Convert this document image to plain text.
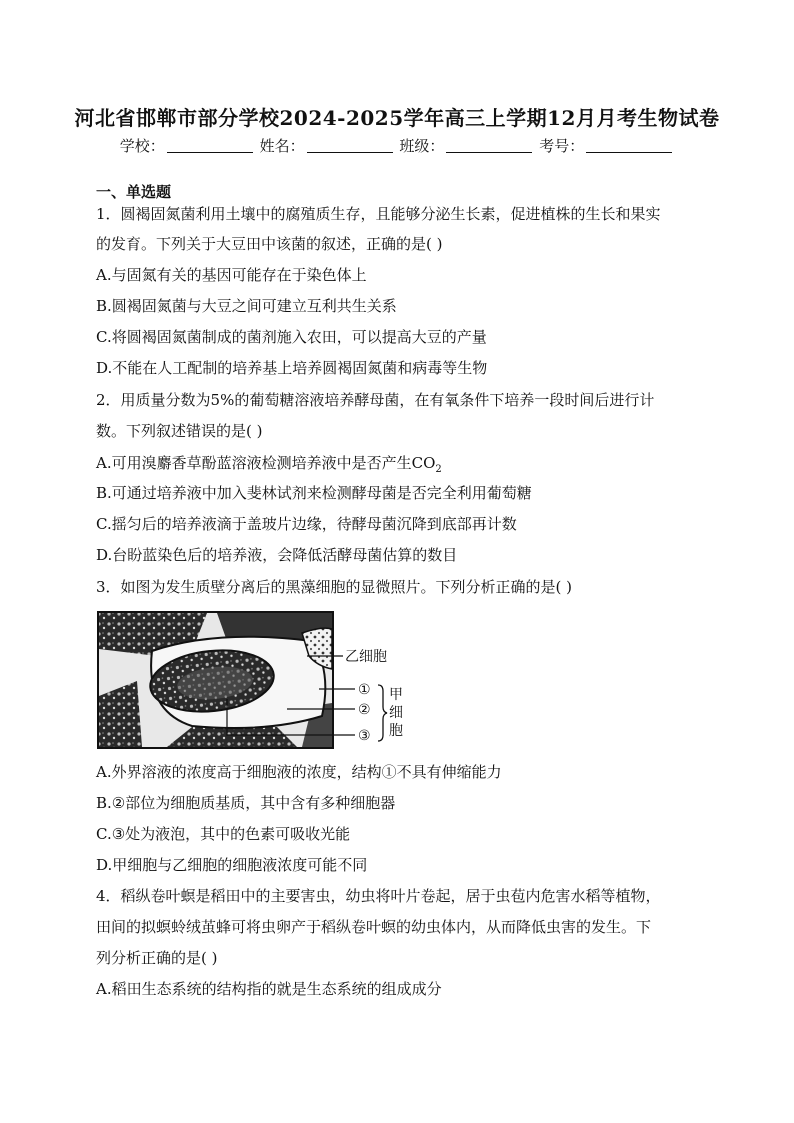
河北省邯郸市部分学校2024-2025学年高三上学期12月月考生物试卷
学校：	姓名：	班级：	考号：
一、单选题
1．圆褐固氮菌利用土壤中的腐殖质生存，且能够分泌生长素，促进植株的生长和果实
的发育。下列关于大豆田中该菌的叙述，正确的是( )
A.与固氮有关的基因可能存在于染色体上
B.圆褐固氮菌与大豆之间可建立互利共生关系
C.将圆褐固氮菌制成的菌剂施入农田，可以提高大豆的产量
D.不能在人工配制的培养基上培养圆褐固氮菌和病毒等生物
2．用质量分数为5%的葡萄糖溶液培养酵母菌，在有氧条件下培养一段时间后进行计
数。下列叙述错误的是( )
A.可用溴麝香草酚蓝溶液检测培养液中是否产生$CO_2$
B.可通过培养液中加入斐林试剂来检测酵母菌是否完全利用葡萄糖
C.摇匀后的培养液滴于盖玻片边缘，待酵母菌沉降到底部再计数
D.台盼蓝染色后的培养液，会降低活酵母菌估算的数目
3．如图为发生质壁分离后的黑藻细胞的显微照片。下列分析正确的是( )
乙细胞
①
②
③
甲
细
胞
A.外界溶液的浓度高于细胞液的浓度，结构①不具有伸缩能力
B.②部位为细胞质基质，其中含有多种细胞器
C.③处为液泡，其中的色素可吸收光能
D.甲细胞与乙细胞的细胞液浓度可能不同
4．稻纵卷叶螟是稻田中的主要害虫，幼虫将叶片卷起，居于虫苞内危害水稻等植物，
田间的拟螟蛉绒茧蜂可将虫卵产于稻纵卷叶螟的幼虫体内，从而降低虫害的发生。下
列分析正确的是( )
A.稻田生态系统的结构指的就是生态系统的组成成分
